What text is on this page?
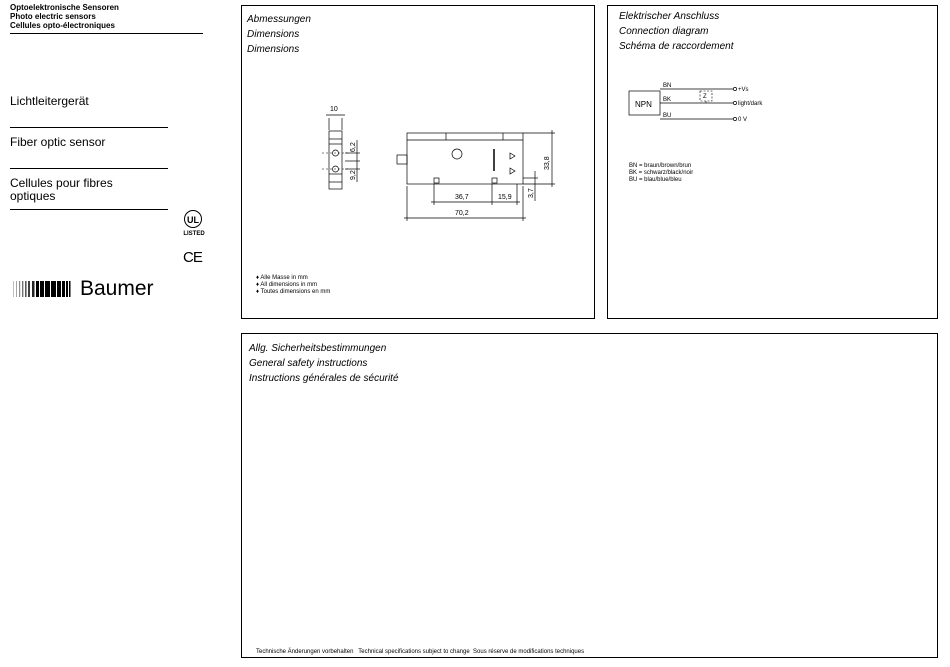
Optoelektronische Sensoren
Photo electric sensors
Cellules opto-électroniques
Lichtleitergerät
Fiber optic sensor
Cellules pour fibres
optiques
UL
LISTED
CE
Baumer
Abmessungen
Dimensions
Dimensions
10
6,2
9,2
33,8
3,7
36,7	15,9
70,2
♦ Alle Masse in mm
♦ All dimensions in mm
♦ Toutes dimensions en mm
Elektrischer Anschluss
Connection diagram
Schéma de raccordement
NPN
BN
BK
BU
Z
+Vs
light/dark
0 V
BN = braun/brown/brun
BK = schwarz/black/noir
BU = blau/blue/bleu
Allg. Sicherheitsbestimmungen
General safety instructions
Instructions générales de sécurité
Technische Änderungen vorbehalten   Technical specifications subject to change  Sous réserve de modifications techniques
